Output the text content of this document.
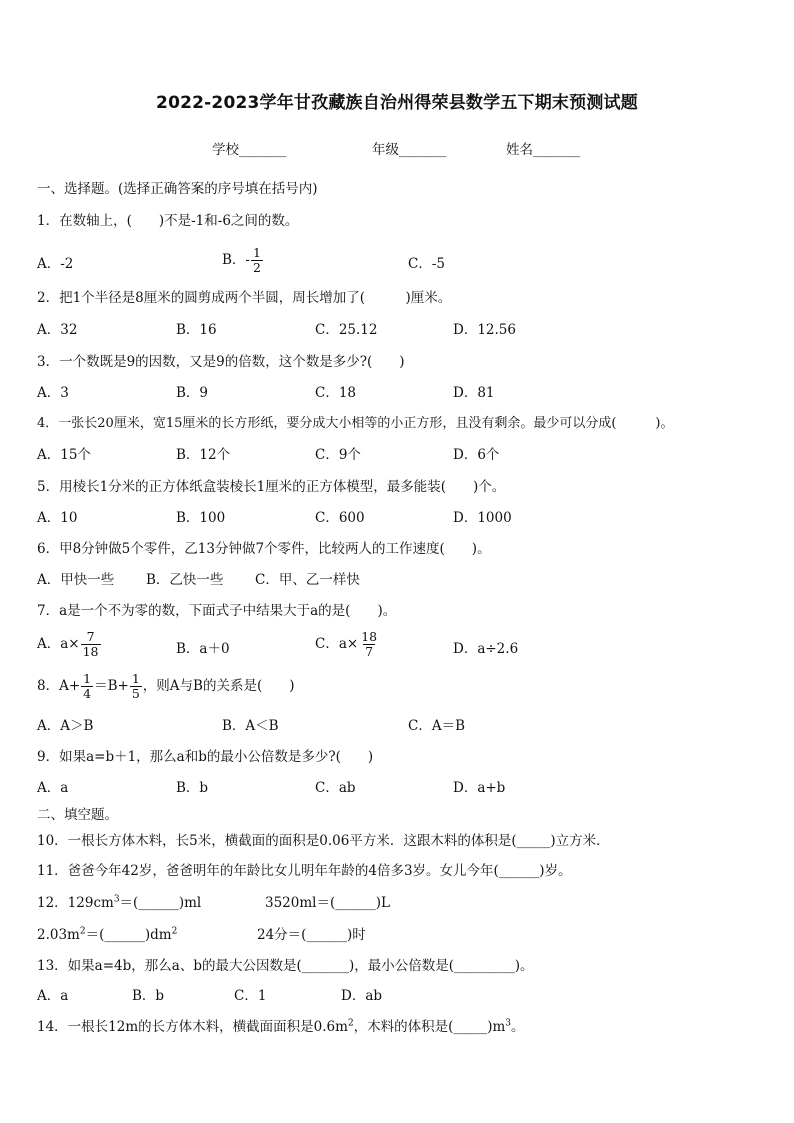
2022-2023学年甘孜藏族自治州得荣县数学五下期末预测试题
学校_______	年级_______	姓名_______
一、选择题。(选择正确答案的序号填在括号内)
1．在数轴上，(　　)不是-1和-6之间的数。
A．-2	B．- $\frac{1}{2}$	C．-5
2．把1个半径是8厘米的圆剪成两个半圆，周长增加了(　　　)厘米。
A．32	B．16	C．25.12	D．12.56
3．一个数既是9的因数，又是9的倍数，这个数是多少?(　　)
A．3	B．9	C．18	D．81
4．一张长20厘米，宽15厘米的长方形纸，要分成大小相等的小正方形，且没有剩余。最少可以分成(　　　)。
A．15个	B．12个	C．9个	D．6个
5．用棱长1分米的正方体纸盒装棱长1厘米的正方体模型，最多能装(　　)个。
A．10	B．100	C．600	D．1000
6．甲8分钟做5个零件，乙13分钟做7个零件，比较两人的工作速度(　　)。
A．甲快一些 B．乙快一些 C．甲、乙一样快
7．a是一个不为零的数，下面式子中结果大于a的是(　　)。
A．$a\times \frac{7}{18}$	B．a＋0	C．$a\times \frac{18}{7}$	D．a÷2.6
8．$A+ \frac{1}{4} =B+ \frac{1}{5}$ ，则A与B的关系是(　　)
A．A＞B	B．A＜B	C．A＝B
9．如果a=b＋1，那么a和b的最小公倍数是多少?(　　)
A．a	B．b	C．ab	D．a+b
二、填空题。
10．一根长方体木料，长5米，横截面的面积是0.06平方米．这跟木料的体积是(_____)立方米．
11．爸爸今年42岁，爸爸明年的年龄比女儿明年年龄的4倍多3岁。女儿今年(______)岁。
12．$129cm^3=(\_\_\_\_\_\_)ml$	3520ml＝(______)L
$2.03m^2=(\_\_\_\_\_\_)dm^2$	24分＝(______)时
13．如果a=4b，那么a、b的最大公因数是(_______)，最小公倍数是(_________)。
A．a	B．b	C．1	D．ab
14．一根长12m的长方体木料，横截面面积是$0.6m^2$，木料的体积是$(\_\_\_\_\_)m^3$。
